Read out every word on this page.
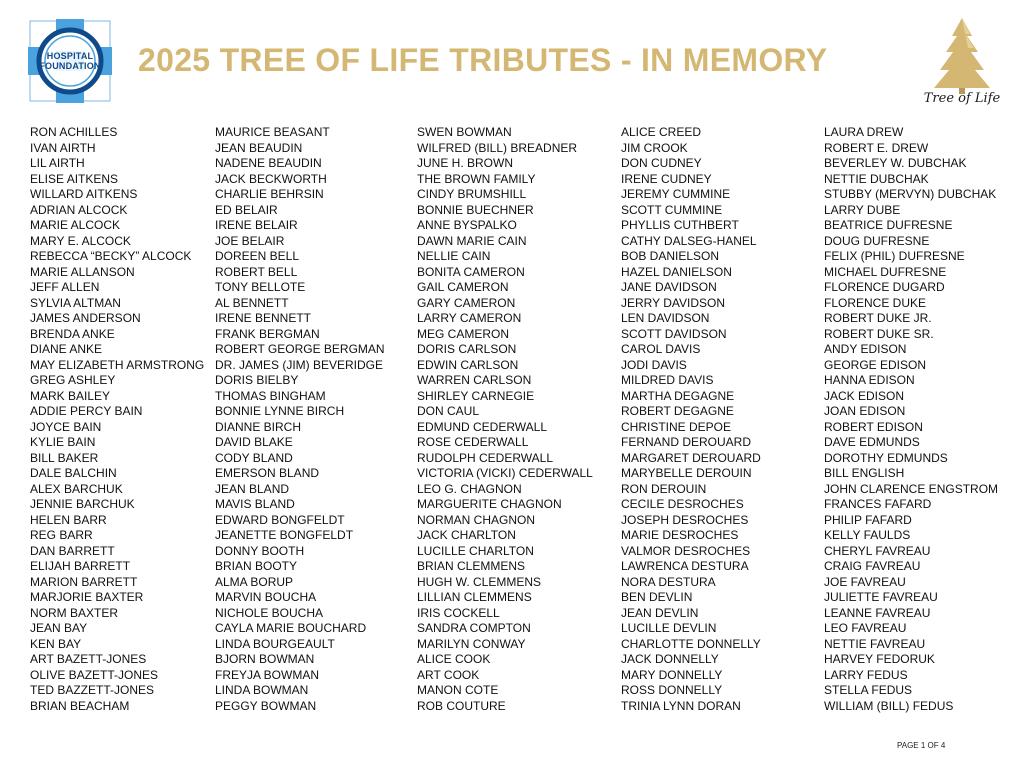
HOSPITAL
FOUNDATION 2025 TREE OF LIFE TRIBUTES - IN MEMORY
Tree of Life
RON ACHILLES
IVAN AIRTH
LIL AIRTH
ELISE AITKENS
WILLARD AITKENS
ADRIAN ALCOCK
MARIE ALCOCK
MARY E. ALCOCK
REBECCA “BECKY” ALCOCK
MARIE ALLANSON
JEFF ALLEN
SYLVIA ALTMAN
JAMES ANDERSON
BRENDA ANKE
DIANE ANKE
MAY ELIZABETH ARMSTRONG
GREG ASHLEY
MARK BAILEY
ADDIE PERCY BAIN
JOYCE BAIN
KYLIE BAIN
BILL BAKER
DALE BALCHIN
ALEX BARCHUK
JENNIE BARCHUK
HELEN BARR
REG BARR
DAN BARRETT
ELIJAH BARRETT
MARION BARRETT
MARJORIE BAXTER
NORM BAXTER
JEAN BAY
KEN BAY
ART BAZETT-JONES
OLIVE BAZETT-JONES
TED BAZZETT-JONES
BRIAN BEACHAM
MAURICE BEASANT
JEAN BEAUDIN
NADENE BEAUDIN
JACK BECKWORTH
CHARLIE BEHRSIN
ED BELAIR
IRENE BELAIR
JOE BELAIR
DOREEN BELL
ROBERT BELL
TONY BELLOTE
AL BENNETT
IRENE BENNETT
FRANK BERGMAN
ROBERT GEORGE BERGMAN
DR. JAMES (JIM) BEVERIDGE
DORIS BIELBY
THOMAS BINGHAM
BONNIE LYNNE BIRCH
DIANNE BIRCH
DAVID BLAKE
CODY BLAND
EMERSON BLAND
JEAN BLAND
MAVIS BLAND
EDWARD BONGFELDT
JEANETTE BONGFELDT
DONNY BOOTH
BRIAN BOOTY
ALMA BORUP
MARVIN BOUCHA
NICHOLE BOUCHA
CAYLA MARIE BOUCHARD
LINDA BOURGEAULT
BJORN BOWMAN
FREYJA BOWMAN
LINDA BOWMAN
PEGGY BOWMAN
SWEN BOWMAN
WILFRED (BILL) BREADNER
JUNE H. BROWN
THE BROWN FAMILY
CINDY BRUMSHILL
BONNIE BUECHNER
ANNE BYSPALKO
DAWN MARIE CAIN
NELLIE CAIN
BONITA CAMERON
GAIL CAMERON
GARY CAMERON
LARRY CAMERON
MEG CAMERON
DORIS CARLSON
EDWIN CARLSON
WARREN CARLSON
SHIRLEY CARNEGIE
DON CAUL
EDMUND CEDERWALL
ROSE CEDERWALL
RUDOLPH CEDERWALL
VICTORIA (VICKI) CEDERWALL
LEO G. CHAGNON
MARGUERITE CHAGNON
NORMAN CHAGNON
JACK CHARLTON
LUCILLE CHARLTON
BRIAN CLEMMENS
HUGH W. CLEMMENS
LILLIAN CLEMMENS
IRIS COCKELL
SANDRA COMPTON
MARILYN CONWAY
ALICE COOK
ART COOK
MANON COTE
ROB COUTURE
ALICE CREED
JIM CROOK
DON CUDNEY
IRENE CUDNEY
JEREMY CUMMINE
SCOTT CUMMINE
PHYLLIS CUTHBERT
CATHY DALSEG-HANEL
BOB DANIELSON
HAZEL DANIELSON
JANE DAVIDSON
JERRY DAVIDSON
LEN DAVIDSON
SCOTT DAVIDSON
CAROL DAVIS
JODI DAVIS
MILDRED DAVIS
MARTHA DEGAGNE
ROBERT DEGAGNE
CHRISTINE DEPOE
FERNAND DEROUARD
MARGARET DEROUARD
MARYBELLE DEROUIN
RON DEROUIN
CECILE DESROCHES
JOSEPH DESROCHES
MARIE DESROCHES
VALMOR DESROCHES
LAWRENCA DESTURA
NORA DESTURA
BEN DEVLIN
JEAN DEVLIN
LUCILLE DEVLIN
CHARLOTTE DONNELLY
JACK DONNELLY
MARY DONNELLY
ROSS DONNELLY
TRINIA LYNN DORAN
LAURA DREW
ROBERT E. DREW
BEVERLEY W. DUBCHAK
NETTIE DUBCHAK
STUBBY (MERVYN) DUBCHAK
LARRY DUBE
BEATRICE DUFRESNE
DOUG DUFRESNE
FELIX (PHIL) DUFRESNE
MICHAEL DUFRESNE
FLORENCE DUGARD
FLORENCE DUKE
ROBERT DUKE JR.
ROBERT DUKE SR.
ANDY EDISON
GEORGE EDISON
HANNA EDISON
JACK EDISON
JOAN EDISON
ROBERT EDISON
DAVE EDMUNDS
DOROTHY EDMUNDS
BILL ENGLISH
JOHN CLARENCE ENGSTROM
FRANCES FAFARD
PHILIP FAFARD
KELLY FAULDS
CHERYL FAVREAU
CRAIG FAVREAU
JOE FAVREAU
JULIETTE FAVREAU
LEANNE FAVREAU
LEO FAVREAU
NETTIE FAVREAU
HARVEY FEDORUK
LARRY FEDUS
STELLA FEDUS
WILLIAM (BILL) FEDUS
PAGE 1 OF 4
